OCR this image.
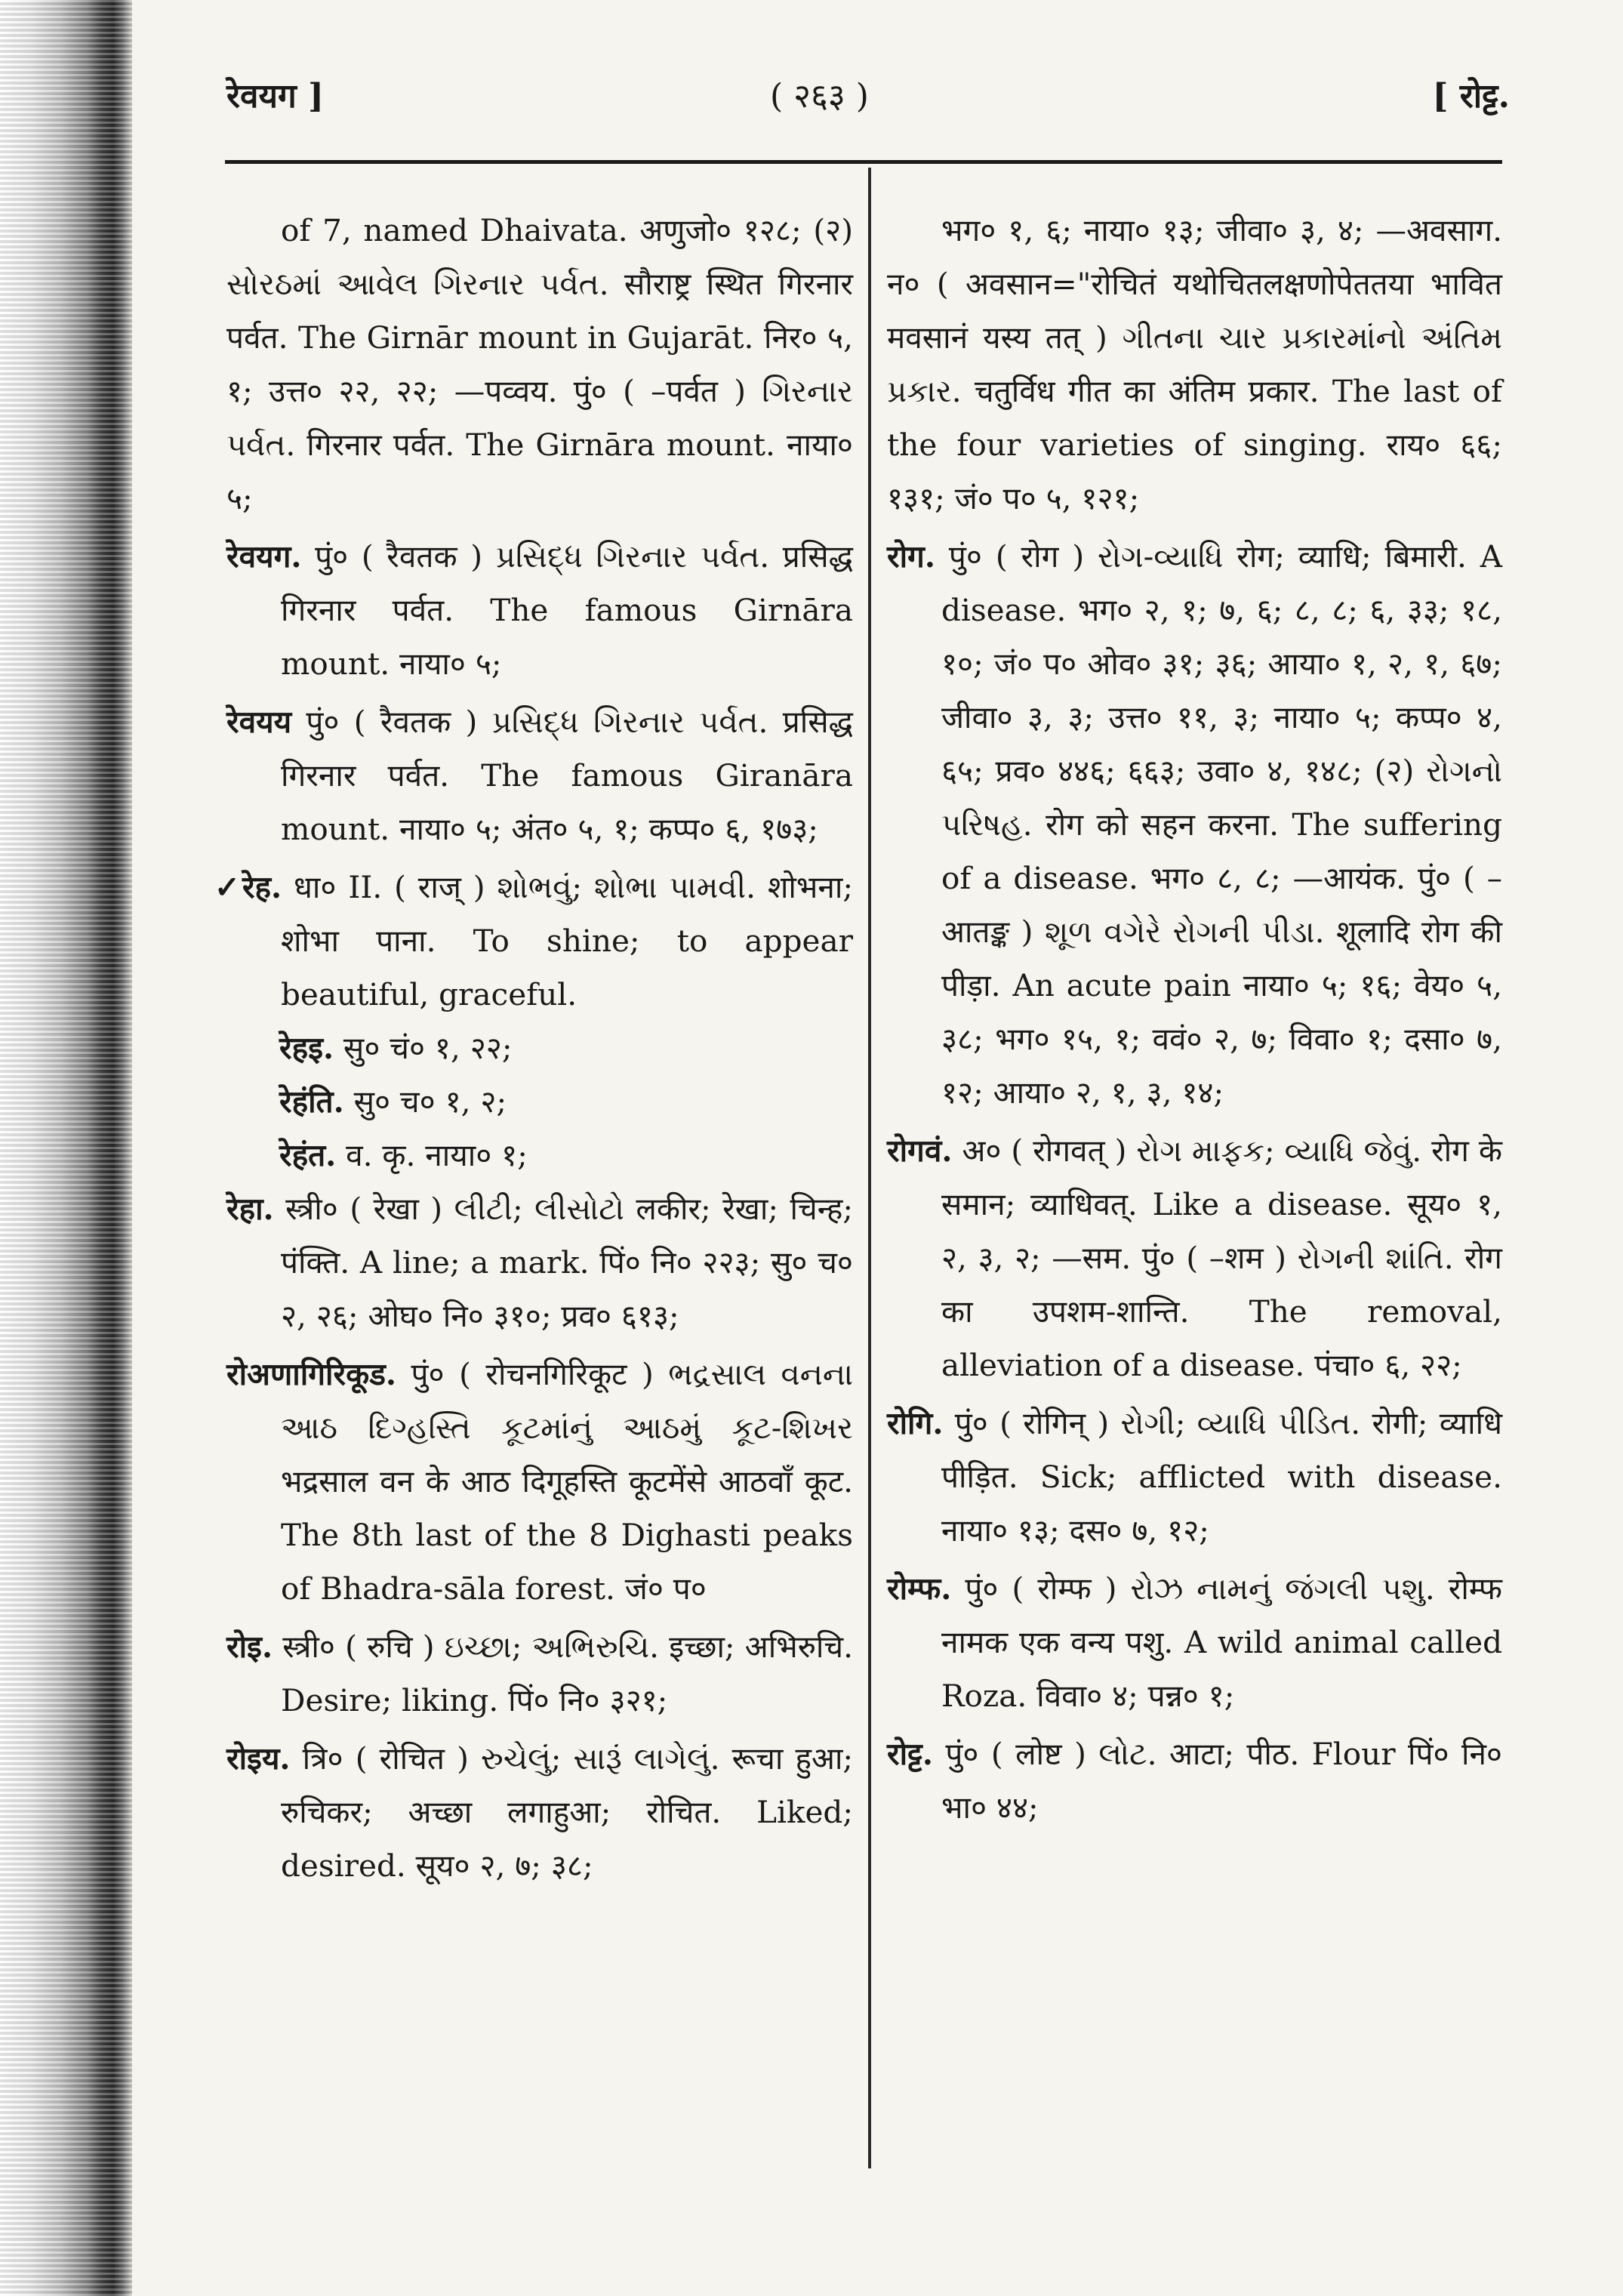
रेवयग ]	( २६३ )	[ रोट्ट.
of 7, named Dhaivata. अणुजो० १२८; (२) સોરઠમાં આવેલ ગિરનાર પર્વત. सौराष्ट्र स्थित गिरनार पर्वत. The Girnār mount in Gujarāt. निर० ५, १; उत्त० २२, २२; —पव्वय. पुं० ( –पर्वत ) ગિરનાર પર્વત. गिरनार पर्वत. The Girnāra mount. नाया० ५;
रेवयग. पुं० ( रैवतक ) પ્રસિદ્ધ ગિરનાર પર્વત. प्रसिद्ध गिरनार पर्वत. The famous Girnāra mount. नाया० ५;
रेवयय पुं० ( रैवतक ) પ્રસિદ્ધ ગિરનાર પર્વત. प्रसिद्ध गिरनार पर्वत. The famous Giranāra mount. नाया० ५; अंत० ५, १; कप्प० ६, १७३;
✓रेह. धा० II. ( राज् ) શોભવું; શોભા પામવી. शोभना; शोभा पाना. To shine; to appear beautiful, graceful.
रेहइ. सु० चं० १, २२;
रेहंति. सु० च० १, २;
रेहंत. व. कृ. नाया० १;
रेहा. स्त्री० ( रेखा ) લીટી; લીસોટો लकीर; रेखा; चिन्ह; पंक्ति. A line; a mark. पिं० नि० २२३; सु० च० २, २६; ओघ० नि० ३१०; प्रव० ६१३;
रोअणागिरिकूड. पुं० ( रोचनगिरिकूट ) ભદ્રસાલ વનના આઠ દિગ્હસ્તિ કૂટમાંનું આઠમું કૂટ-શિખર भद्रसाल वन के आठ दिगूहस्ति कूटमेंसे आठवाँ कूट. The 8th last of the 8 Dighasti peaks of Bhadra-sāla forest. जं० प०
रोइ. स्त्री० ( रुचि ) ઇચ્છા; અભિરુચિ. इच्छा; अभिरुचि. Desire; liking. पिं० नि० ३२१;
रोइय. त्रि० ( रोचित ) રુચેલું; સારૂં લાગેલું. रूचा हुआ; रुचिकर; अच्छा लगाहुआ; रोचित. Liked; desired. सूय० २, ७; ३८;
भग० १, ६; नाया० १३; जीवा० ३, ४; —अवसाग. न० ( अवसान="रोचितं यथोचितलक्षणोपेततया भावित मवसानं यस्य तत् ) ગીતના ચાર પ્રકારમાંનો અંતિમ પ્રકાર. चतुर्विध गीत का अंतिम प्रकार. The last of the four varieties of singing. राय० ६६; १३१; जं० प० ५, १२१;
रोग. पुं० ( रोग ) રોગ-વ્યાધિ रोग; व्याधि; बिमारी. A disease. भग० २, १; ७, ६; ८, ८; ६, ३३; १८, १०; जं० प० ओव० ३१; ३६; आया० १, २, १, ६७; जीवा० ३, ३; उत्त० ११, ३; नाया० ५; कप्प० ४, ६५; प्रव० ४४६; ६६३; उवा० ४, १४८; (२) રોગનો પરિષહ. रोग को सहन करना. The suffering of a disease. भग० ८, ८; —आयंक. पुं० ( –आतङ्क ) શૂળ વગેરે રોગની પીડા. शूलादि रोग की पीड़ा. An acute pain नाया० ५; १६; वेय० ५, ३८; भग० १५, १; ववं० २, ७; विवा० १; दसा० ७, १२; आया० २, १, ३, १४;
रोगवं. अ० ( रोगवत् ) રોગ માફક; વ્યાધિ જેવું. रोग के समान; व्याधिवत्. Like a disease. सूय० १, २, ३, २; —सम. पुं० ( –शम ) રોગની શાંતિ. रोग का उपशम-शान्ति. The removal, alleviation of a disease. पंचा० ६, २२;
रोगि. पुं० ( रोगिन् ) રોગી; વ્યાધિ પીડિત. रोगी; व्याधि पीड़ित. Sick; afflicted with disease. नाया० १३; दस० ७, १२;
रोम्फ. पुं० ( रोम्फ ) રોઝ નામનું જંગલી પશુ. रोम्फ नामक एक वन्य पशु. A wild animal called Roza. विवा० ४; पन्न० १;
रोट्ट. पुं० ( लोष्ट ) લોટ. आटा; पीठ. Flour पिं० नि० भा० ४४;
